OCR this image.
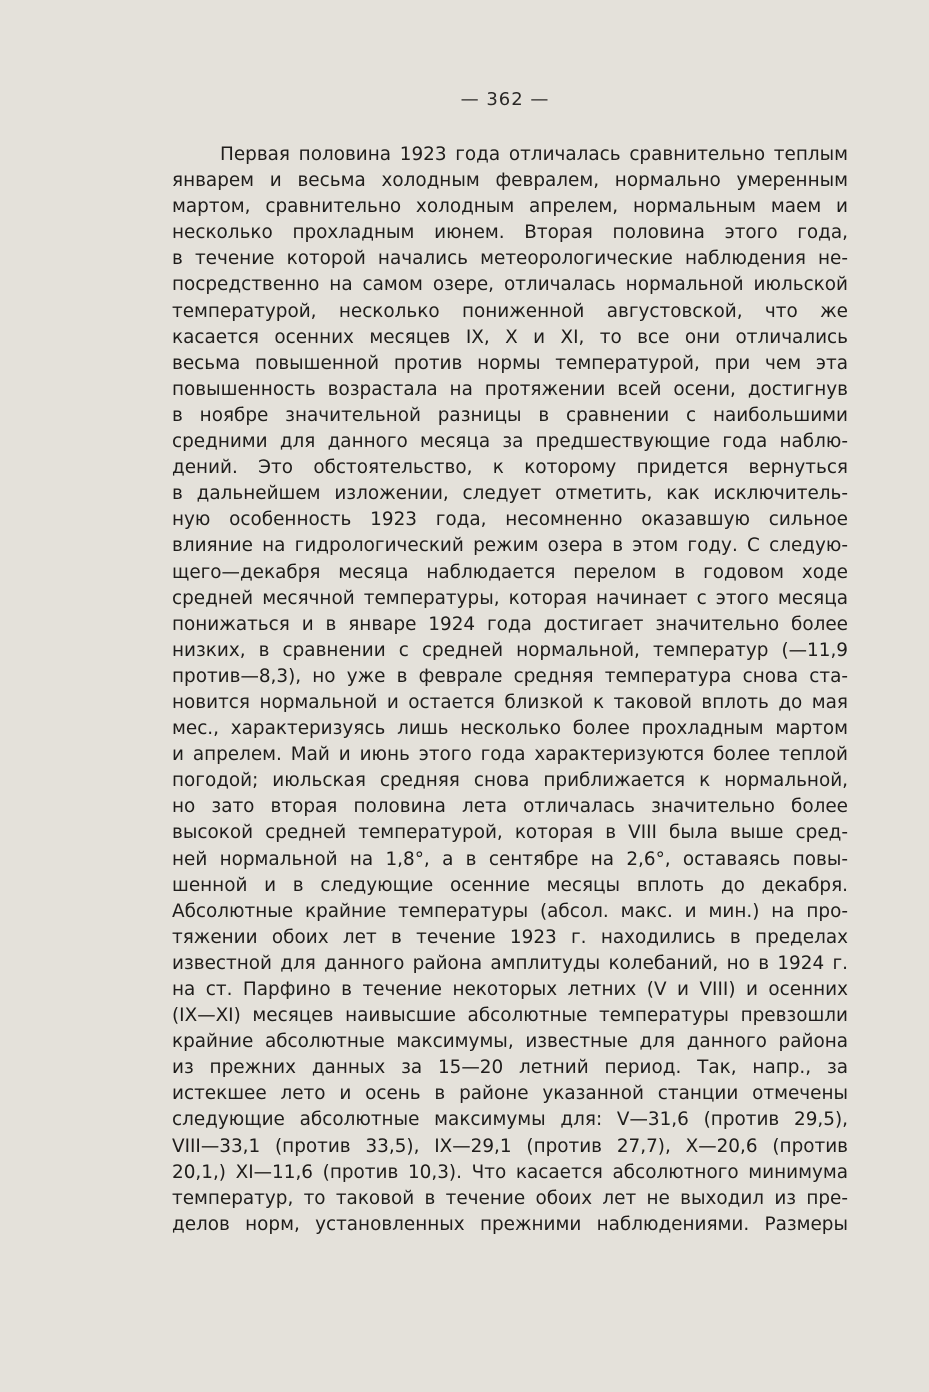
— 362 —
Первая половина 1923 года отличалась сравнительно теплым
январем и весьма холодным февралем, нормально умеренным
мартом, сравнительно холодным апрелем, нормальным маем и
несколько прохладным июнем. Вторая половина этого года,
в течение которой начались метеорологические наблюдения не-
посредственно на самом озере, отличалась нормальной июльской
температурой, несколько пониженной августовской, что же
касается осенних месяцев IX, X и XI, то все они отличались
весьма повышенной против нормы температурой, при чем эта
повышенность возрастала на протяжении всей осени, достигнув
в ноябре значительной разницы в сравнении с наибольшими
средними для данного месяца за предшествующие года наблю-
дений. Это обстоятельство, к которому придется вернуться
в дальнейшем изложении, следует отметить, как исключитель-
ную особенность 1923 года, несомненно оказавшую сильное
влияние на гидрологический режим озера в этом году. С следую-
щего—декабря месяца наблюдается перелом в годовом ходе
средней месячной температуры, которая начинает с этого месяца
понижаться и в январе 1924 года достигает значительно более
низких, в сравнении с средней нормальной, температур (—11,9
против—8,3), но уже в феврале средняя температура снова ста-
новится нормальной и остается близкой к таковой вплоть до мая
мес., характеризуясь лишь несколько более прохладным мартом
и апрелем. Май и июнь этого года характеризуются более теплой
погодой; июльская средняя снова приближается к нормальной,
но зато вторая половина лета отличалась значительно более
высокой средней температурой, которая в VIII была выше сред-
ней нормальной на 1,8°, а в сентябре на 2,6°, оставаясь повы-
шенной и в следующие осенние месяцы вплоть до декабря.
Абсолютные крайние температуры (абсол. макс. и мин.) на про-
тяжении обоих лет в течение 1923 г. находились в пределах
известной для данного района амплитуды колебаний, но в 1924 г.
на ст. Парфино в течение некоторых летних (V и VIII) и осенних
(IX—XI) месяцев наивысшие абсолютные температуры превзошли
крайние абсолютные максимумы, известные для данного района
из прежних данных за 15—20 летний период. Так, напр., за
истекшее лето и осень в районе указанной станции отмечены
следующие абсолютные максимумы для: V—31,6 (против 29,5),
VIII—33,1 (против 33,5), IX—29,1 (против 27,7), X—20,6 (против
20,1,) XI—11,6 (против 10,3). Что касается абсолютного минимума
температур, то таковой в течение обоих лет не выходил из пре-
делов норм, установленных прежними наблюдениями. Размеры
